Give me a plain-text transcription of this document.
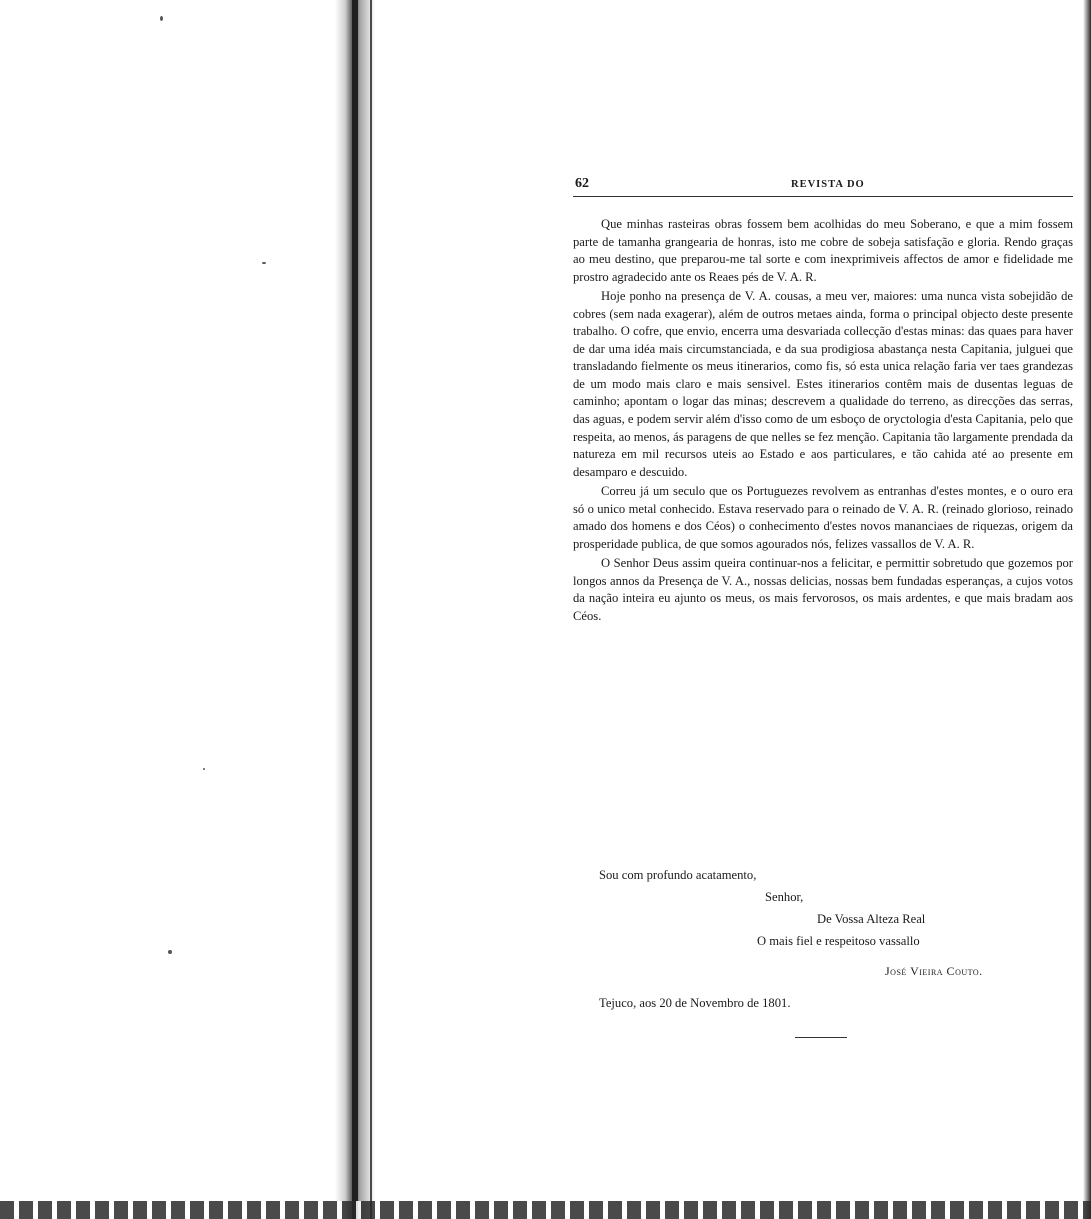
62	REVISTA DO

Que minhas rasteiras obras fossem bem acolhidas do meu Soberano, e que a mim fossem parte de tamanha grangearia de honras, isto me cobre de sobeja satisfação e gloria. Rendo graças ao meu destino, que preparou-me tal sorte e com inexprimiveis affectos de amor e fidelidade me prostro agradecido ante os Reaes pés de V. A. R.

Hoje ponho na presença de V. A. cousas, a meu ver, maiores: uma nunca vista sobejidão de cobres (sem nada exagerar), além de outros metaes ainda, forma o principal objecto deste presente trabalho. O cofre, que envio, encerra uma desvariada collecção d'estas minas: das quaes para haver de dar uma idéa mais circumstanciada, e da sua prodigiosa abastança nesta Capitania, julguei que transladando fielmente os meus itinerarios, como fis, só esta unica relação faria ver taes grandezas de um modo mais claro e mais sensivel. Estes itinerarios contêm mais de dusentas leguas de caminho; apontam o logar das minas; descrevem a qualidade do terreno, as direcções das serras, das aguas, e podem servir além d'isso como de um esboço de oryctologia d'esta Capitania, pelo que respeita, ao menos, ás paragens de que nelles se fez menção. Capitania tão largamente prendada da natureza em mil recursos uteis ao Estado e aos particulares, e tão cahida até ao presente em desamparo e descuido.

Correu já um seculo que os Portuguezes revolvem as entranhas d'estes montes, e o ouro era só o unico metal conhecido. Estava reservado para o reinado de V. A. R. (reinado glorioso, reinado amado dos homens e dos Céos) o conhecimento d'estes novos mananciaes de riquezas, origem da prosperidade publica, de que somos agourados nós, felizes vassallos de V. A. R.

O Senhor Deus assim queira continuar-nos a felicitar, e permittir sobretudo que gozemos por longos annos da Presença de V. A., nossas delicias, nossas bem fundadas esperanças, a cujos votos da nação inteira eu ajunto os meus, os mais fervorosos, os mais ardentes, e que mais bradam aos Céos.

Sou com profundo acatamento,
Senhor,
De Vossa Alteza Real
O mais fiel e respeitoso vassallo
José Vieira Couto.
Tejuco, aos 20 de Novembro de 1801.
